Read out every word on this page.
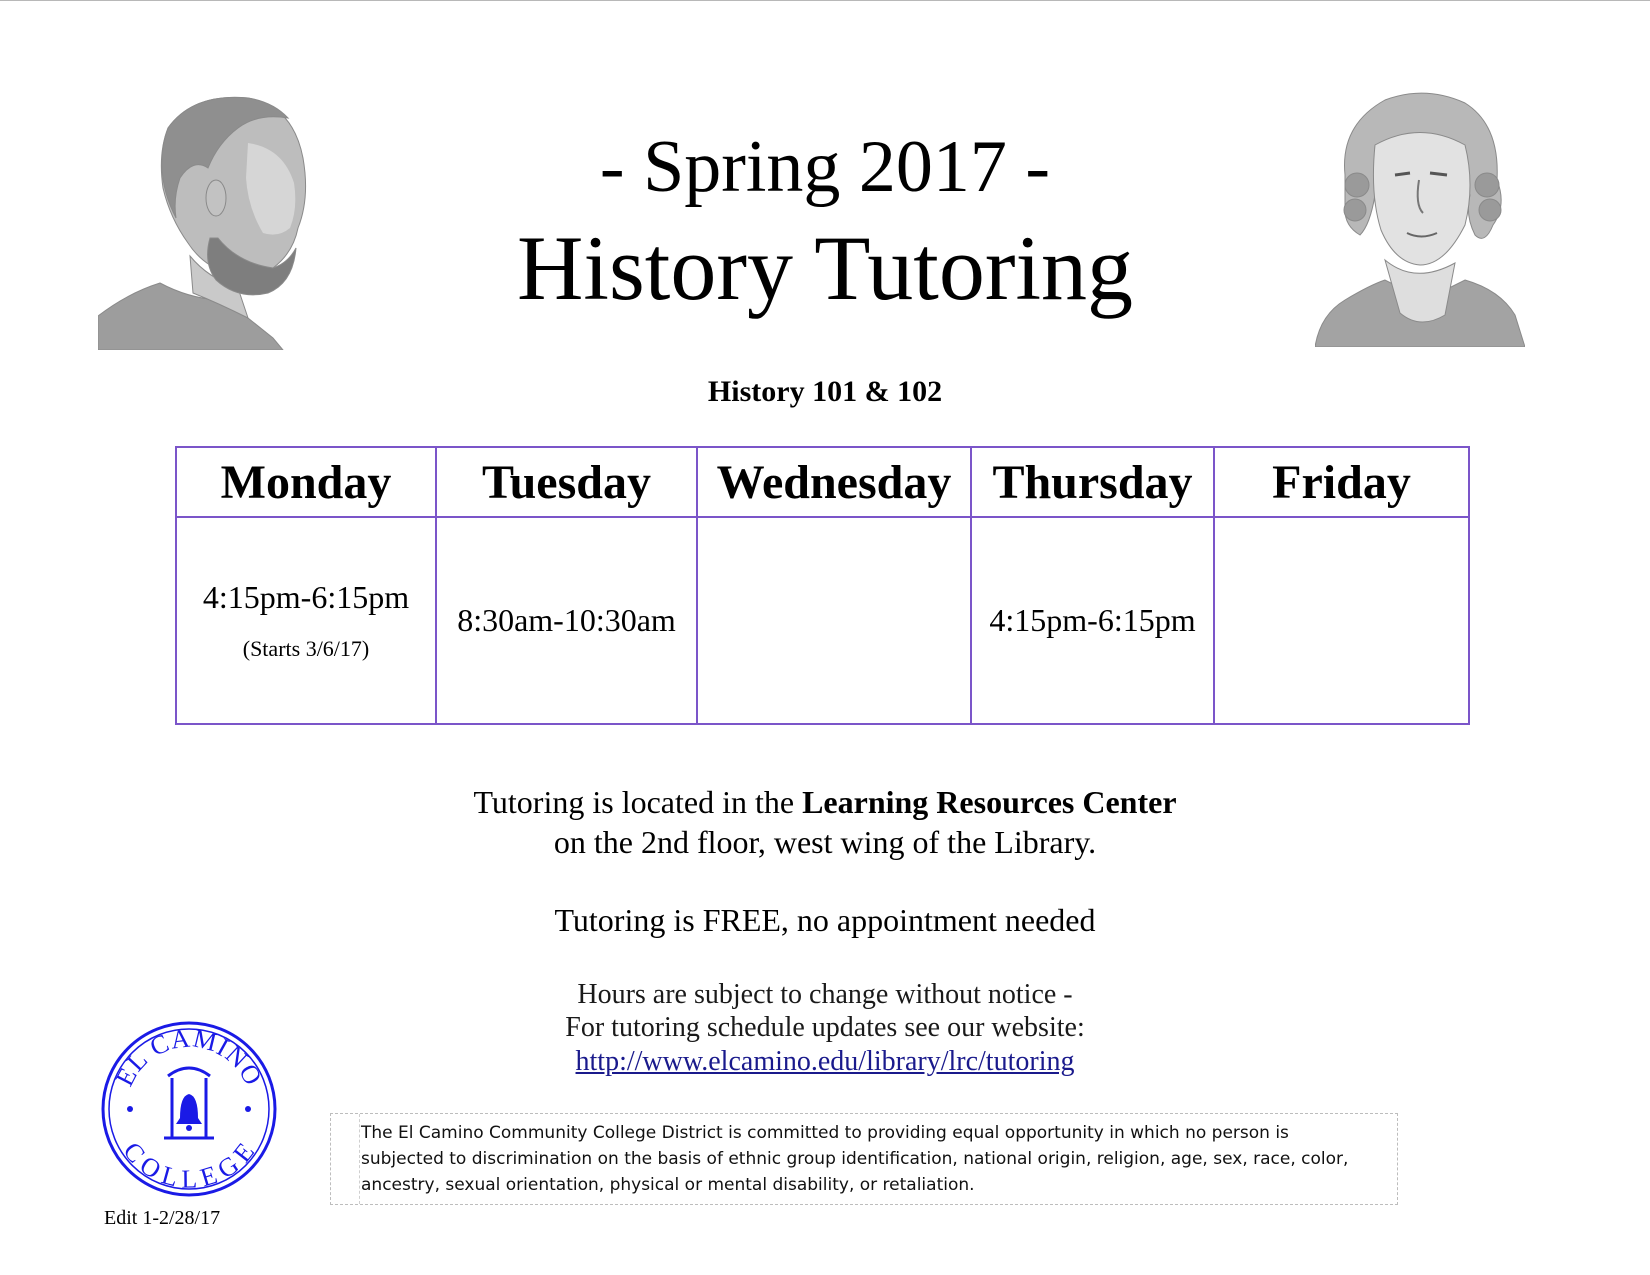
- Spring 2017 -
History Tutoring
History 101 & 102
Monday	Tuesday	Wednesday	Thursday	Friday

4:15pm-6:15pm
(Starts 3/6/17)	8:30am-10:30am		4:15pm-6:15pm	
Tutoring is located in the Learning Resources Center
on the 2nd floor, west wing of the Library.
Tutoring is FREE, no appointment needed
Hours are subject to change without notice -
For tutoring schedule updates see our website:
http://www.elcamino.edu/library/lrc/tutoring
EL CAMINO
COLLEGE
Edit 1-2/28/17
The El Camino Community College District is committed to providing equal opportunity in which no person is subjected to discrimination on the basis of ethnic group identification, national origin, religion, age, sex, race, color, ancestry, sexual orientation, physical or mental disability, or retaliation.
